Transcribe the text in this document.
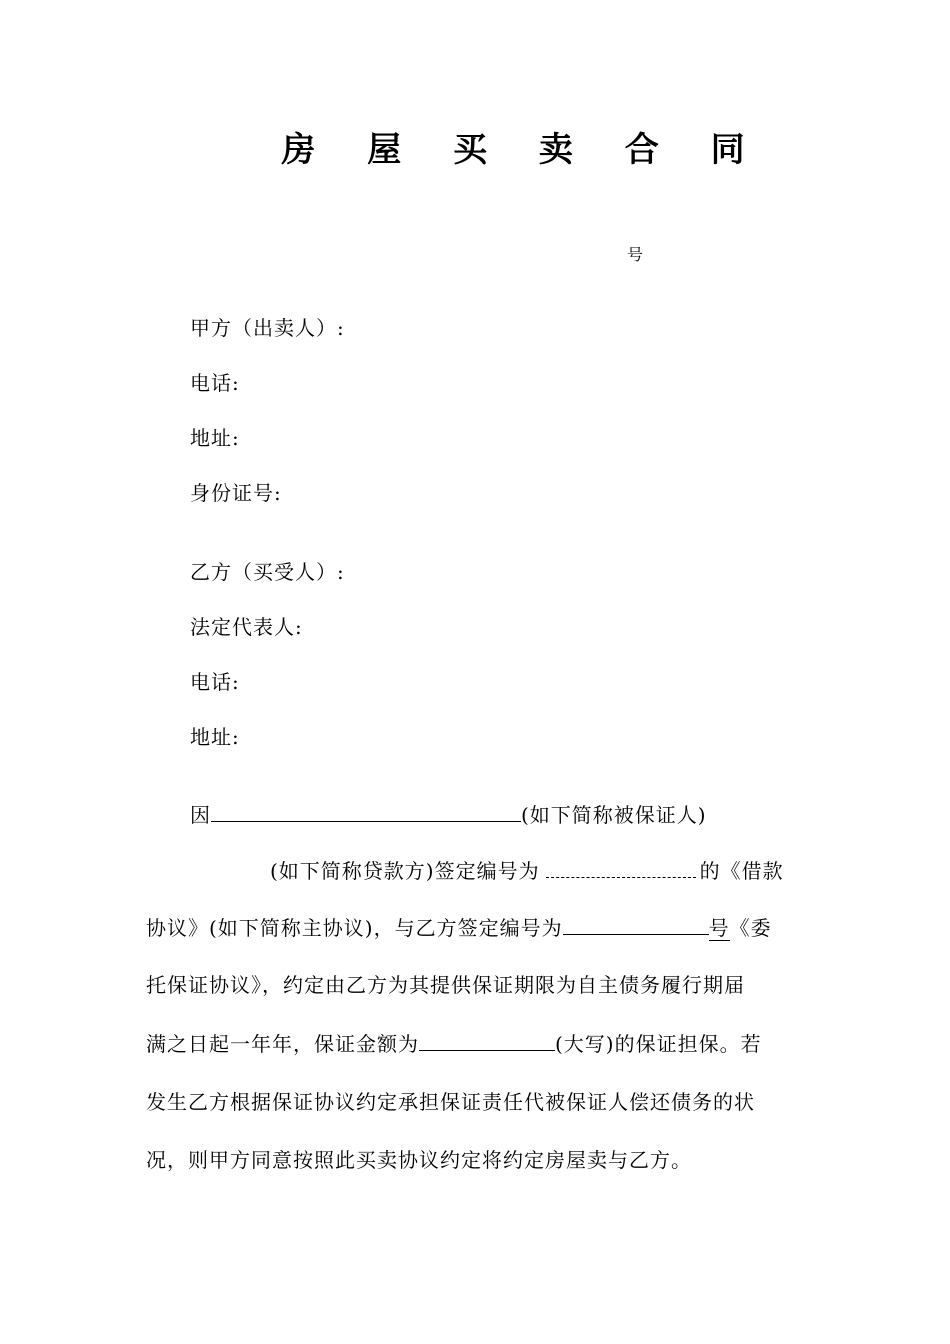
房 屋 买 卖 合 同
号
甲方（出卖人）:
电话:
地址:
身份证号:
乙方（买受人）:
法定代表人:
电话:
地址:
因	(如下简称被保证人)
(如下简称贷款方)签定编号为	的《借款
协议》(如下简称主协议)，与乙方签定编号为	号《委
托保证协议》，约定由乙方为其提供保证期限为自主债务履行期届
满之日起一年年，保证金额为	(大写)的保证担保。若
发生乙方根据保证协议约定承担保证责任代被保证人偿还债务的状
况，则甲方同意按照此买卖协议约定将约定房屋卖与乙方。
